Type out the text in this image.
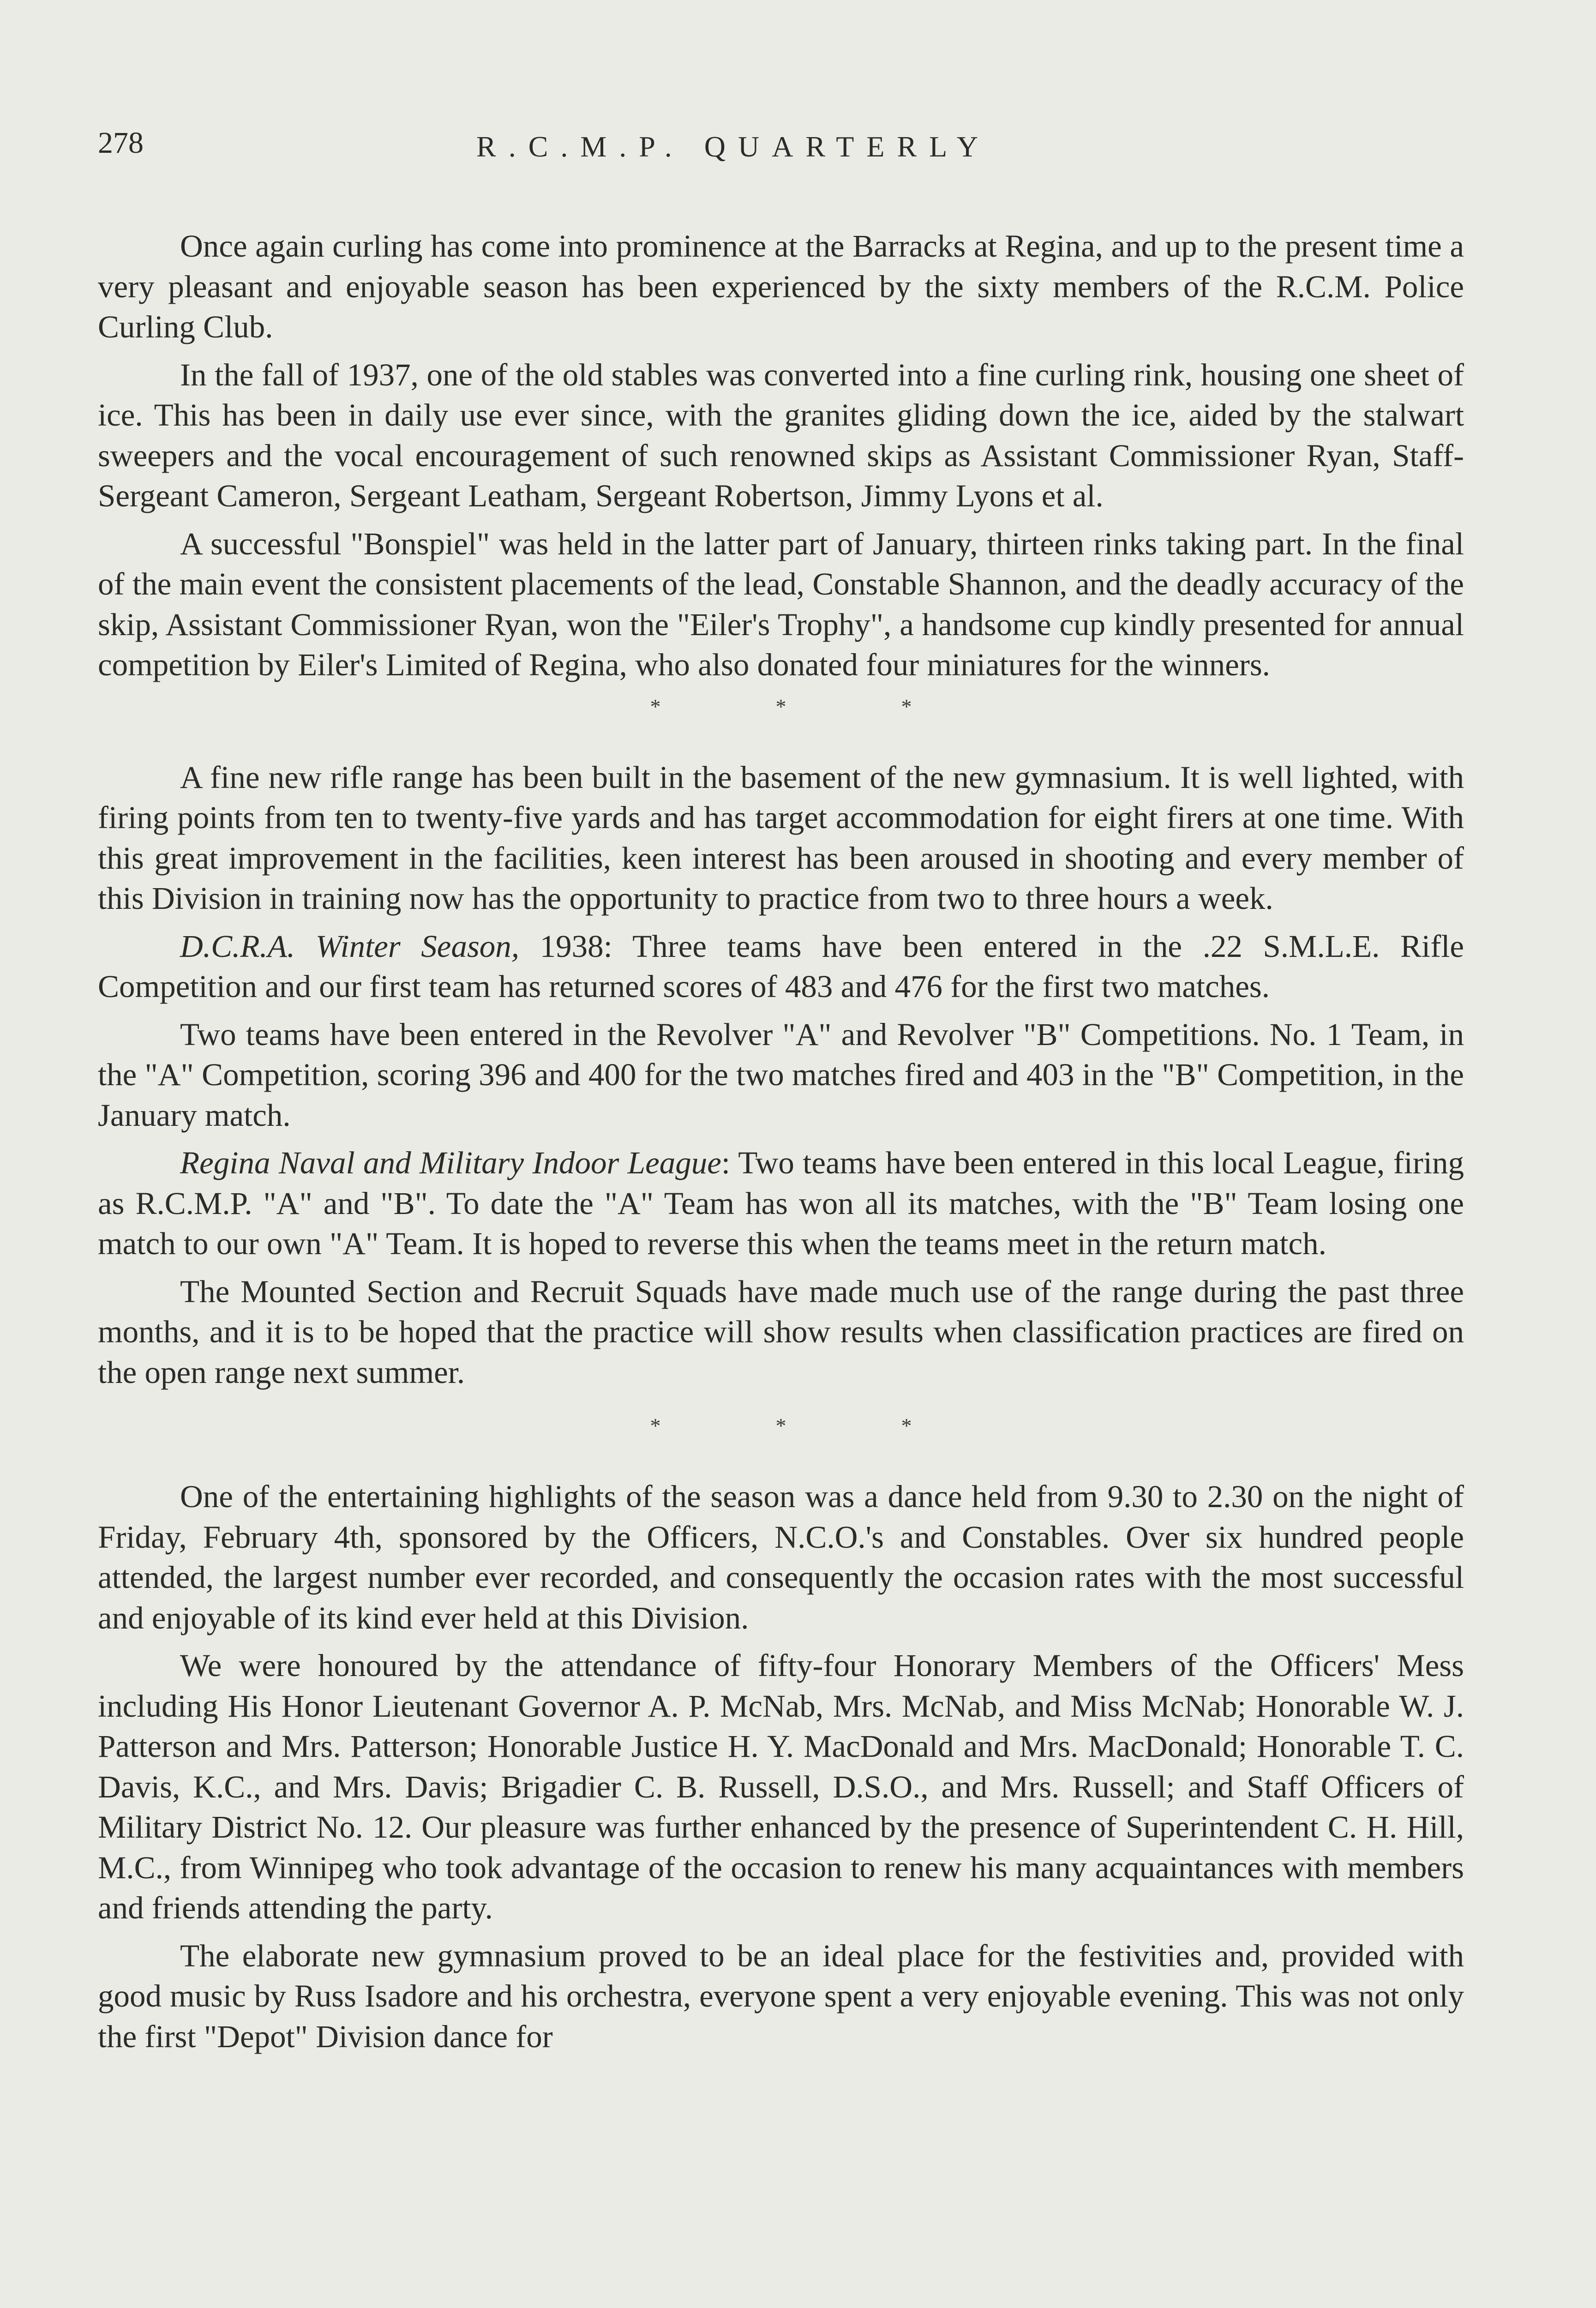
278	R.C.M.P. QUARTERLY

Once again curling has come into prominence at the Barracks at Regina, and up to the present time a very pleasant and enjoyable season has been experienced by the sixty members of the R.C.M. Police Curling Club.

In the fall of 1937, one of the old stables was converted into a fine curling rink, housing one sheet of ice. This has been in daily use ever since, with the granites gliding down the ice, aided by the stalwart sweepers and the vocal encouragement of such renowned skips as Assistant Commissioner Ryan, Staff-Sergeant Cameron, Sergeant Leatham, Sergeant Robertson, Jimmy Lyons et al.

A successful "Bonspiel" was held in the latter part of January, thirteen rinks taking part. In the final of the main event the consistent placements of the lead, Constable Shannon, and the deadly accuracy of the skip, Assistant Commissioner Ryan, won the "Eiler's Trophy", a handsome cup kindly presented for annual competition by Eiler's Limited of Regina, who also donated four miniatures for the winners.

*	*	*

A fine new rifle range has been built in the basement of the new gymnasium. It is well lighted, with firing points from ten to twenty-five yards and has target accommodation for eight firers at one time. With this great improvement in the facilities, keen interest has been aroused in shooting and every member of this Division in training now has the opportunity to practice from two to three hours a week.

D.C.R.A. Winter Season, 1938: Three teams have been entered in the .22 S.M.L.E. Rifle Competition and our first team has returned scores of 483 and 476 for the first two matches.

Two teams have been entered in the Revolver "A" and Revolver "B" Competitions. No. 1 Team, in the "A" Competition, scoring 396 and 400 for the two matches fired and 403 in the "B" Competition, in the January match.

Regina Naval and Military Indoor League: Two teams have been entered in this local League, firing as R.C.M.P. "A" and "B". To date the "A" Team has won all its matches, with the "B" Team losing one match to our own "A" Team. It is hoped to reverse this when the teams meet in the return match.

The Mounted Section and Recruit Squads have made much use of the range during the past three months, and it is to be hoped that the practice will show results when classification practices are fired on the open range next summer.

*	*	*

One of the entertaining highlights of the season was a dance held from 9.30 to 2.30 on the night of Friday, February 4th, sponsored by the Officers, N.C.O.'s and Constables. Over six hundred people attended, the largest number ever recorded, and consequently the occasion rates with the most successful and enjoyable of its kind ever held at this Division.

We were honoured by the attendance of fifty-four Honorary Members of the Officers' Mess including His Honor Lieutenant Governor A. P. McNab, Mrs. McNab, and Miss McNab; Honorable W. J. Patterson and Mrs. Patterson; Honorable Justice H. Y. MacDonald and Mrs. MacDonald; Honorable T. C. Davis, K.C., and Mrs. Davis; Brigadier C. B. Russell, D.S.O., and Mrs. Russell; and Staff Officers of Military District No. 12. Our pleasure was further enhanced by the presence of Superintendent C. H. Hill, M.C., from Winnipeg who took advantage of the occasion to renew his many acquaintances with members and friends attending the party.

The elaborate new gymnasium proved to be an ideal place for the festivities and, provided with good music by Russ Isadore and his orchestra, everyone spent a very enjoyable evening. This was not only the first "Depot" Division dance for
